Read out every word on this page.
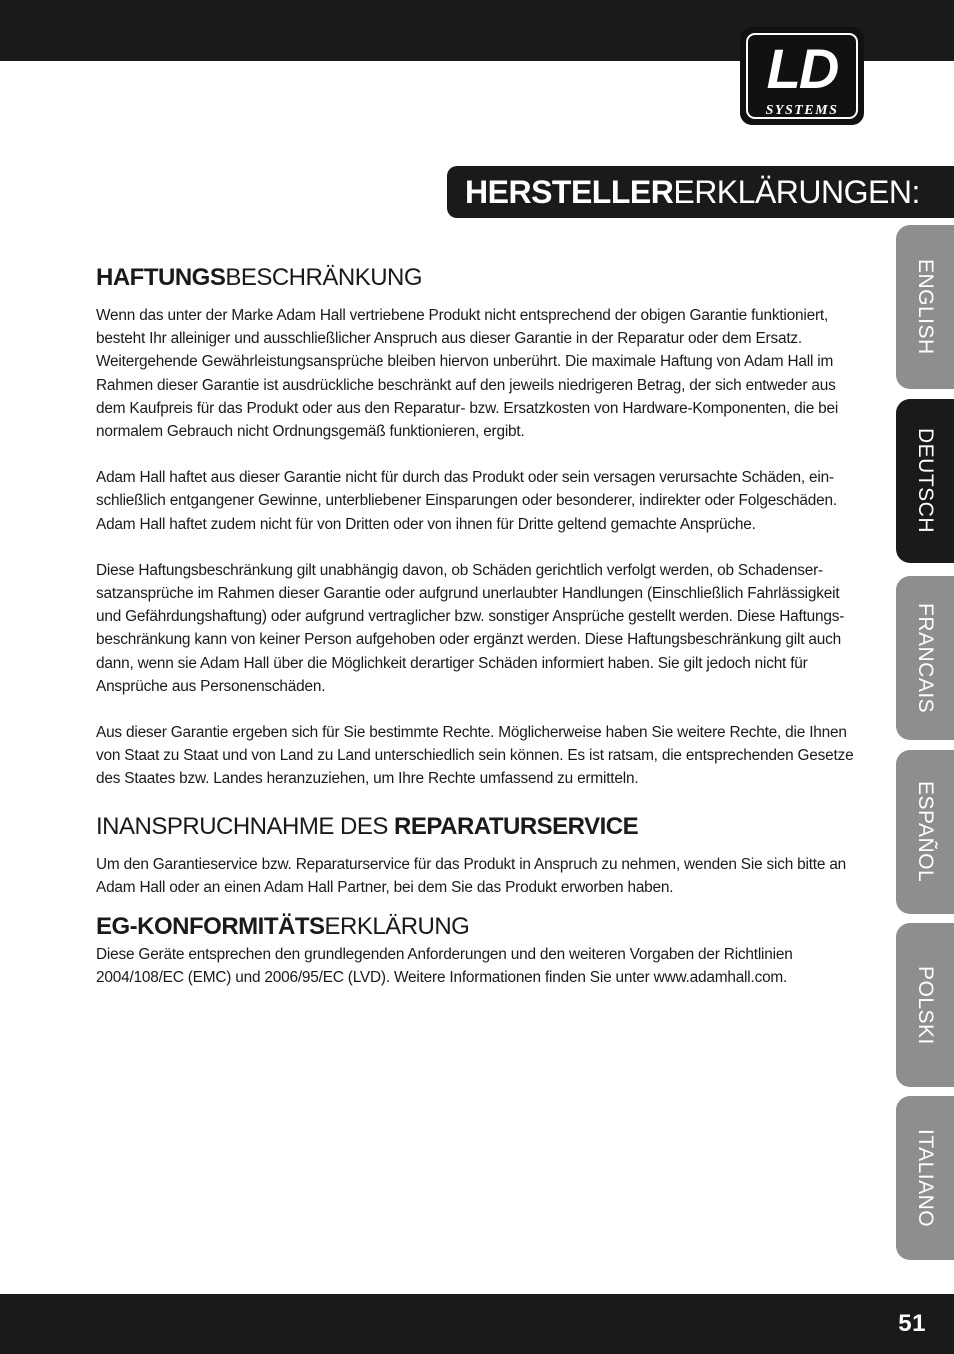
LD
SYSTEMS
HERSTELLERERKLÄRUNGEN:
ENGLISH
DEUTSCH
FRANCAIS
ESPAÑOL
POLSKI
ITALIANO
HAFTUNGSBESCHRÄNKUNG

Wenn das unter der Marke Adam Hall vertriebene Produkt nicht entsprechend der obigen Garantie funktioniert, besteht Ihr alleiniger und ausschließlicher Anspruch aus dieser Garantie in der Reparatur oder dem Ersatz. Weitergehende Gewährleistungsansprüche bleiben hiervon unberührt. Die maximale Haftung von Adam Hall im Rahmen dieser Garantie ist ausdrückliche beschränkt auf den jeweils niedrigeren Betrag, der sich entweder aus dem Kaufpreis für das Produkt oder aus den Reparatur- bzw. Ersatzkosten von Hardware-Komponenten, die bei normalem Gebrauch nicht Ordnungsgemäß funktionieren, ergibt.

Adam Hall haftet aus dieser Garantie nicht für durch das Produkt oder sein versagen verursachte Schäden, ein-schließlich entgangener Gewinne, unterbliebener Einsparungen oder besonderer, indirekter oder Folgeschäden. Adam Hall haftet zudem nicht für von Dritten oder von ihnen für Dritte geltend gemachte Ansprüche.

Diese Haftungsbeschränkung gilt unabhängig davon, ob Schäden gerichtlich verfolgt werden, ob Schadenser-satzansprüche im Rahmen dieser Garantie oder aufgrund unerlaubter Handlungen (Einschließlich Fahrlässigkeit und Gefährdungshaftung) oder aufgrund vertraglicher bzw. sonstiger Ansprüche gestellt werden. Diese Haftungs-beschränkung kann von keiner Person aufgehoben oder ergänzt werden. Diese Haftungsbeschränkung gilt auch dann, wenn sie Adam Hall über die Möglichkeit derartiger Schäden informiert haben. Sie gilt jedoch nicht für Ansprüche aus Personenschäden.

Aus dieser Garantie ergeben sich für Sie bestimmte Rechte. Möglicherweise haben Sie weitere Rechte, die Ihnen von Staat zu Staat und von Land zu Land unterschiedlich sein können. Es ist ratsam, die entsprechenden Gesetze des Staates bzw. Landes heranzuziehen, um Ihre Rechte umfassend zu ermitteln.

INANSPRUCHNAHME DES REPARATURSERVICE

Um den Garantieservice bzw. Reparaturservice für das Produkt in Anspruch zu nehmen, wenden Sie sich bitte an Adam Hall oder an einen Adam Hall Partner, bei dem Sie das Produkt erworben haben.

EG-KONFORMITÄTSERKLÄRUNG

Diese Geräte entsprechen den grundlegenden Anforderungen und den weiteren Vorgaben der Richtlinien 2004/108/EC (EMC) und 2006/95/EC (LVD). Weitere Informationen finden Sie unter www.adamhall.com.

51
